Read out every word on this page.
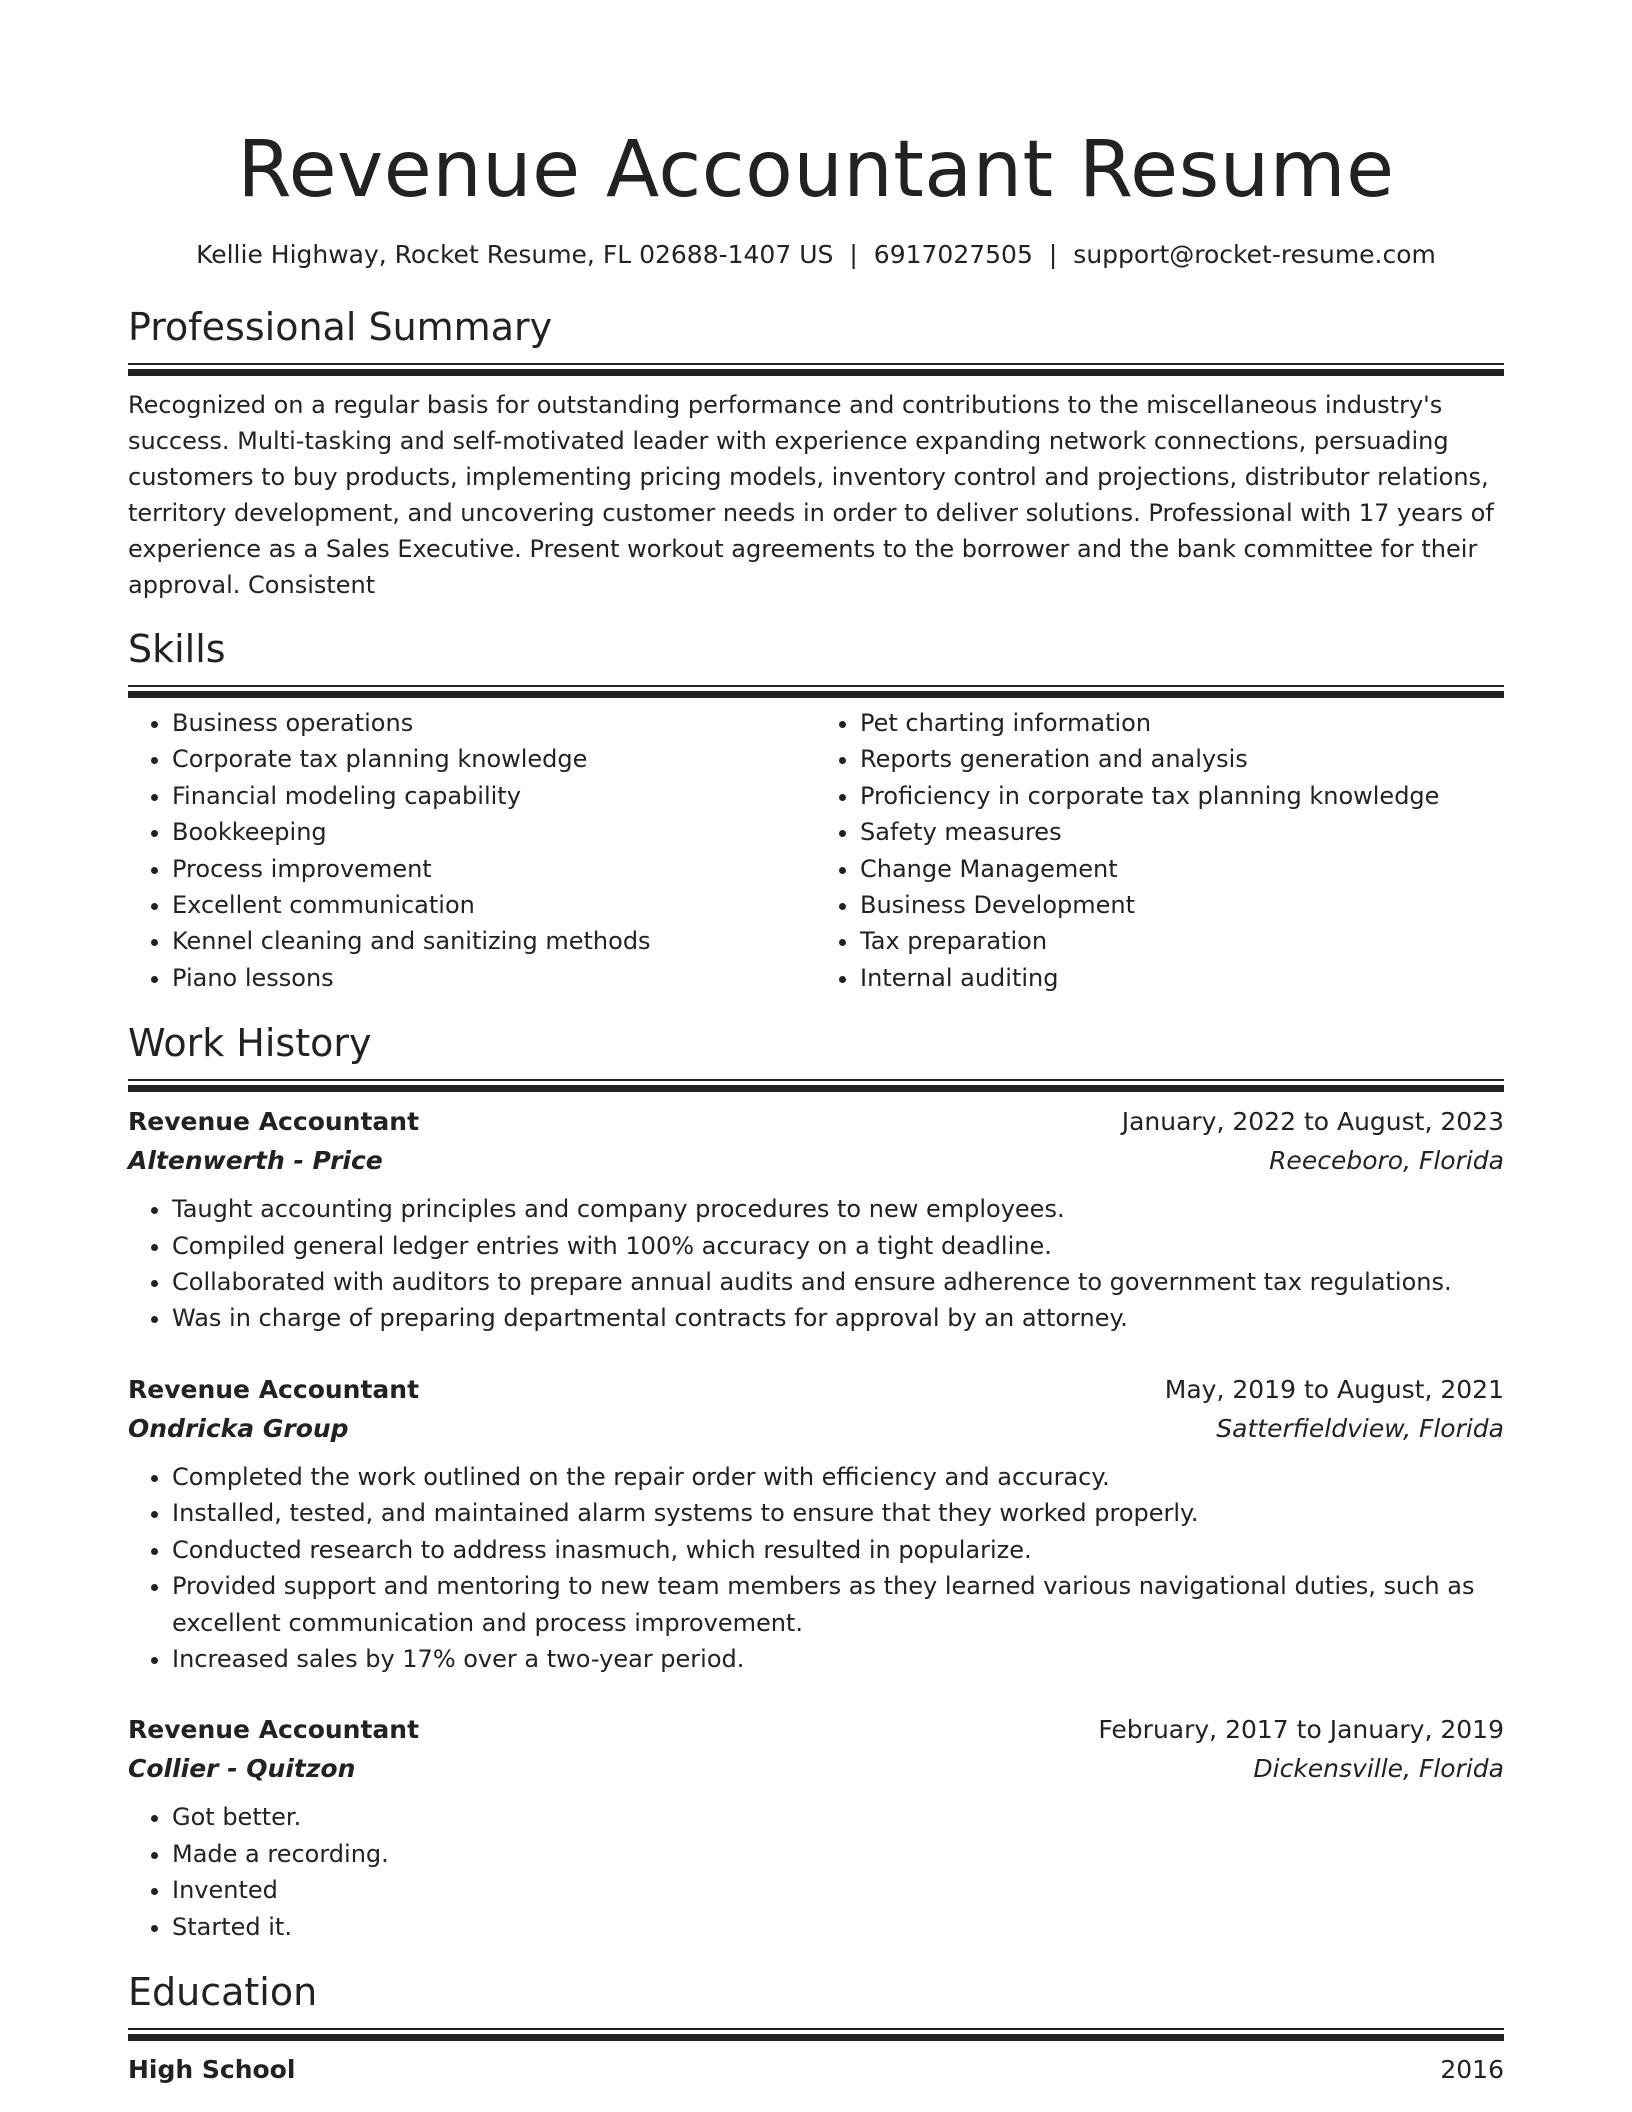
Revenue Accountant Resume
Kellie Highway, Rocket Resume, FL 02688-1407 US | 6917027505 | support@rocket-resume.com
Professional Summary

Recognized on a regular basis for outstanding performance and contributions to the miscellaneous industry's success. Multi-tasking and self-motivated leader with experience expanding network connections, persuading customers to buy products, implementing pricing models, inventory control and projections, distributor relations, territory development, and uncovering customer needs in order to deliver solutions. Professional with 17 years of experience as a Sales Executive. Present workout agreements to the borrower and the bank committee for their approval. Consistent

Skills
• Business operations
• Corporate tax planning knowledge
• Financial modeling capability
• Bookkeeping
• Process improvement
• Excellent communication
• Kennel cleaning and sanitizing methods
• Piano lessons
• Pet charting information
• Reports generation and analysis
• Proficiency in corporate tax planning knowledge
• Safety measures
• Change Management
• Business Development
• Tax preparation
• Internal auditing
Work History
Revenue Accountant	January, 2022 to August, 2023
Altenwerth - Price	Reeceboro, Florida
• Taught accounting principles and company procedures to new employees.
• Compiled general ledger entries with 100% accuracy on a tight deadline.
• Collaborated with auditors to prepare annual audits and ensure adherence to government tax regulations.
• Was in charge of preparing departmental contracts for approval by an attorney.
Revenue Accountant	May, 2019 to August, 2021
Ondricka Group	Satterfieldview, Florida
• Completed the work outlined on the repair order with efficiency and accuracy.
• Installed, tested, and maintained alarm systems to ensure that they worked properly.
• Conducted research to address inasmuch, which resulted in popularize.
• Provided support and mentoring to new team members as they learned various navigational duties, such as excellent communication and process improvement.
• Increased sales by 17% over a two-year period.
Revenue Accountant	February, 2017 to January, 2019
Collier - Quitzon	Dickensville, Florida
• Got better.
• Made a recording.
• Invented
• Started it.
Education
High School	2016
